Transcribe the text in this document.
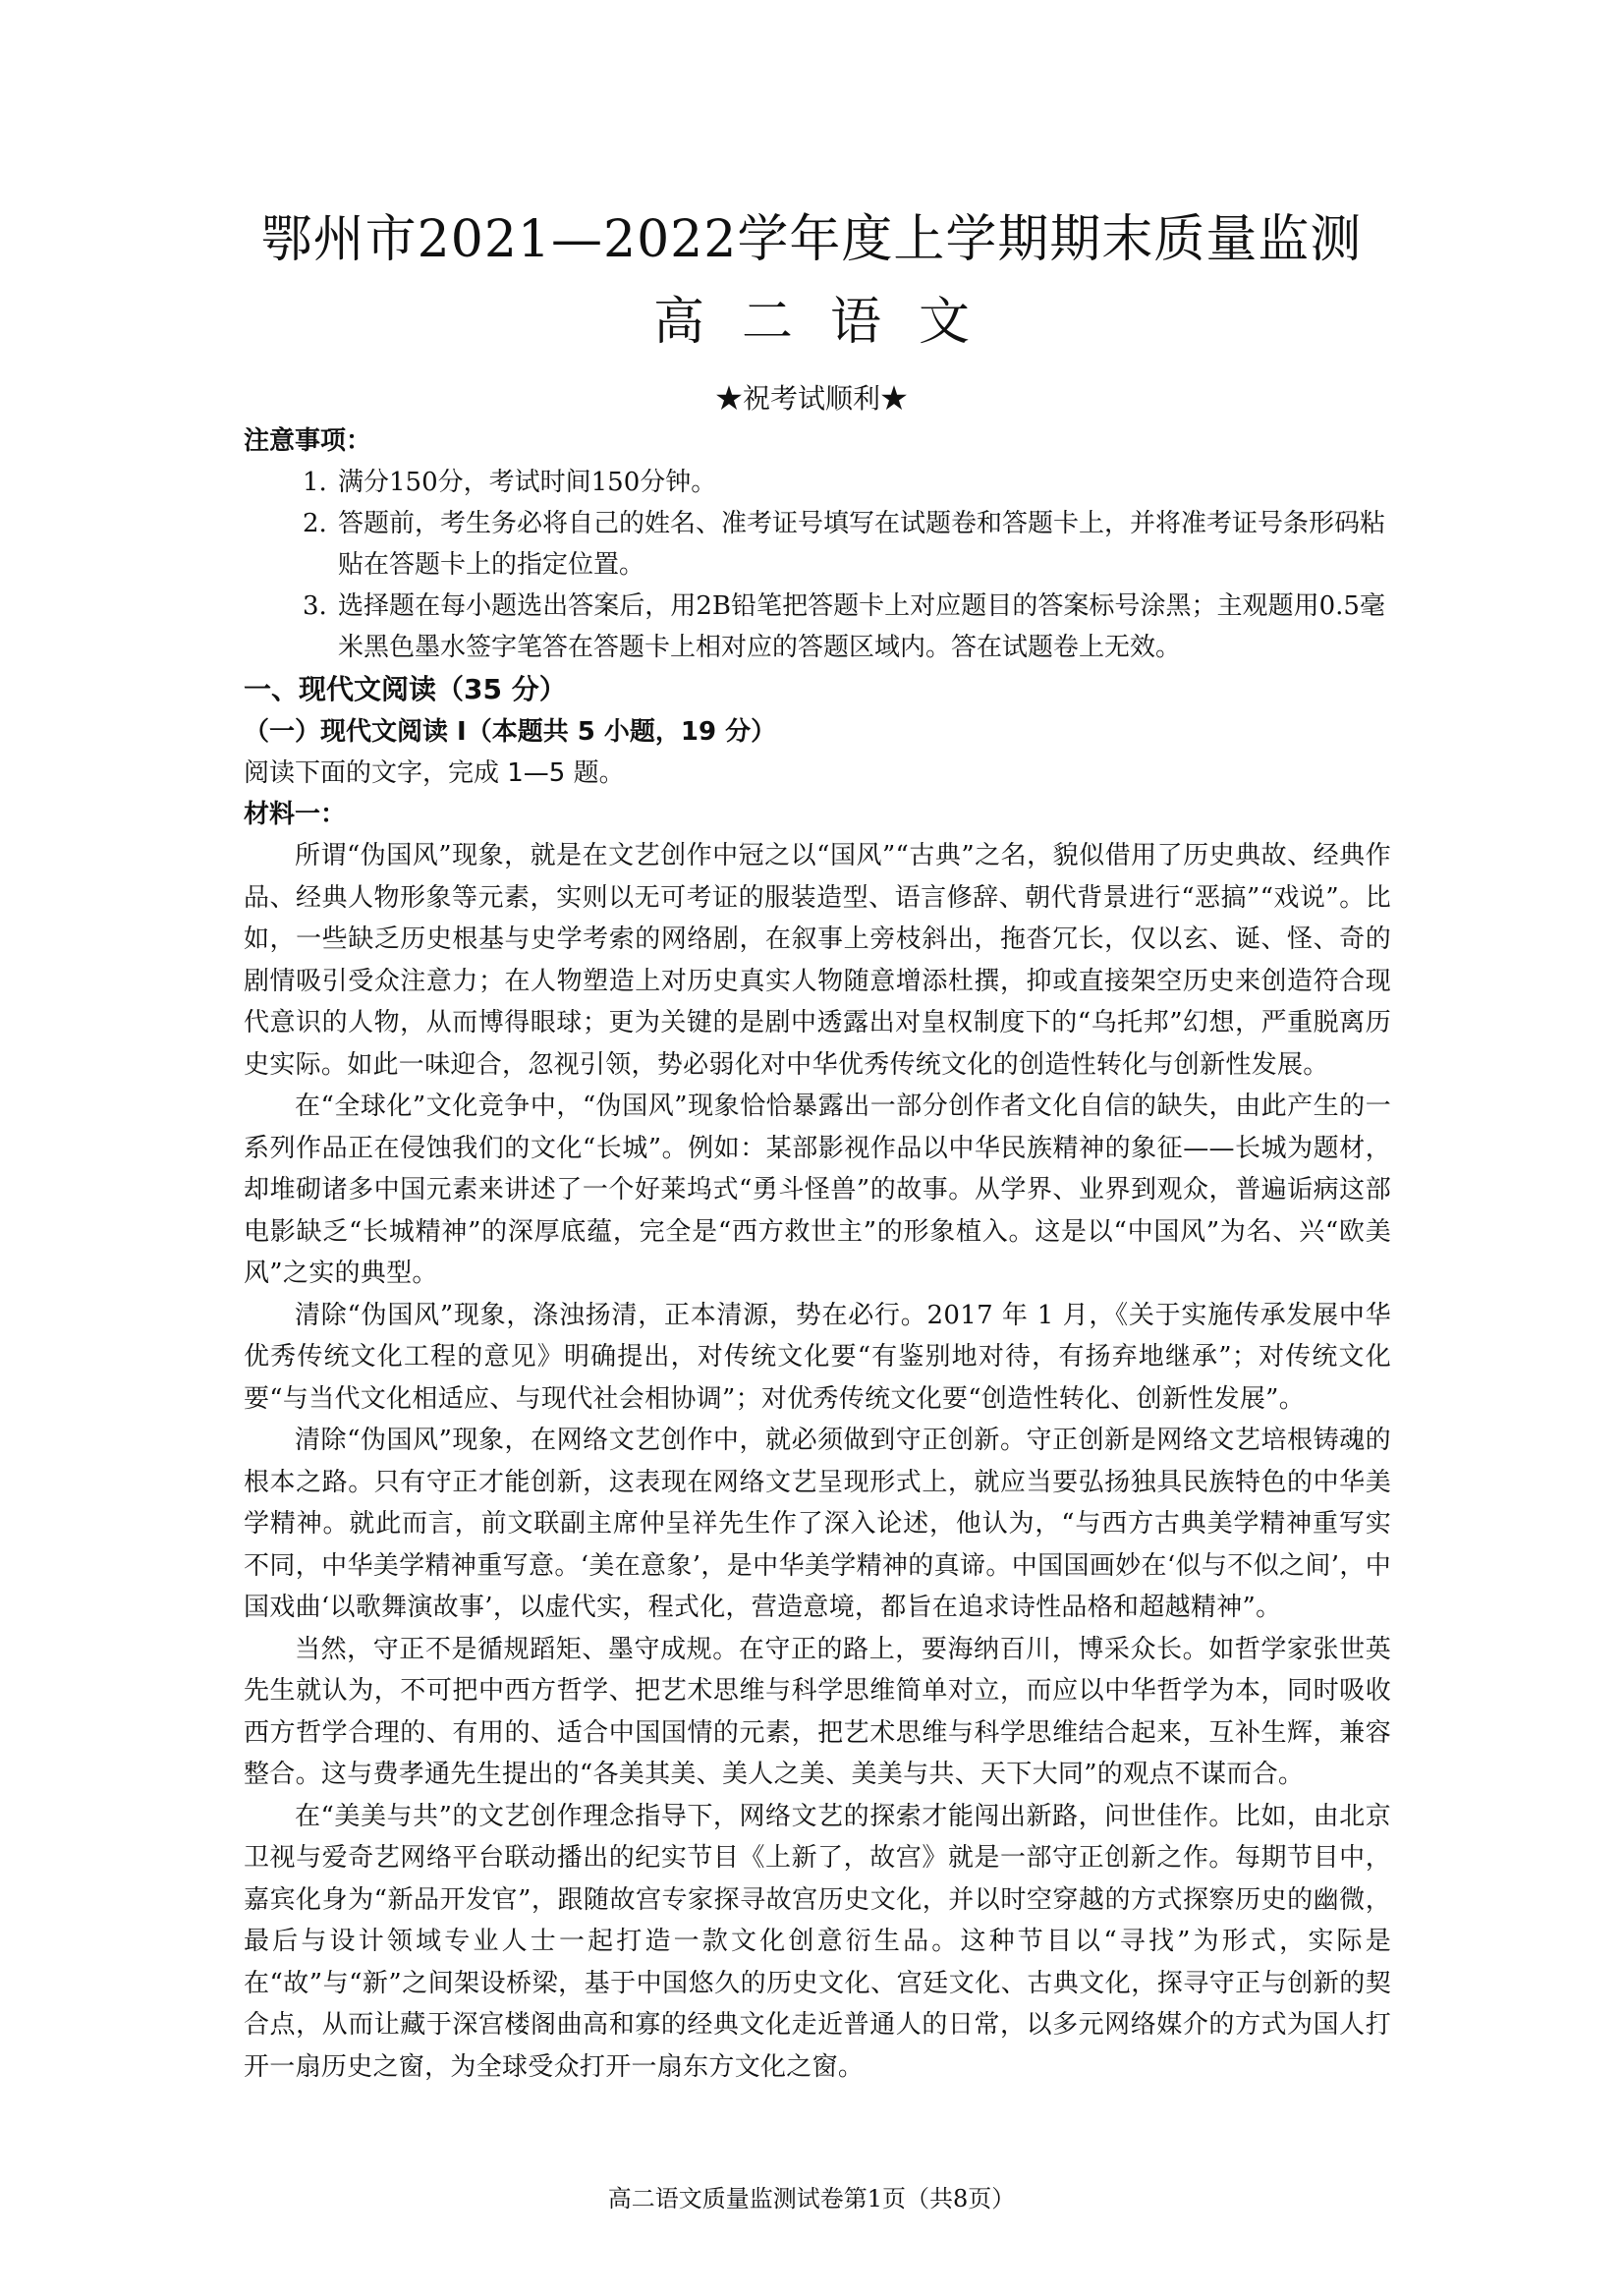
鄂州市2021—2022学年度上学期期末质量监测
高二语文
★祝考试顺利★

注意事项：

1. 满分150分，考试时间150分钟。
2. 答题前，考生务必将自己的姓名、准考证号填写在试题卷和答题卡上，并将准考证号条形码粘贴在答题卡上的指定位置。
3. 选择题在每小题选出答案后，用2B铅笔把答题卡上对应题目的答案标号涂黑；主观题用0.5毫米黑色墨水签字笔答在答题卡上相对应的答题区域内。答在试题卷上无效。

一、现代文阅读（35 分）

（一）现代文阅读 I（本题共 5 小题，19 分）

阅读下面的文字，完成 1—5 题。

材料一：

所谓“伪国风”现象，就是在文艺创作中冠之以“国风”“古典”之名，貌似借用了历史典故、经典作品、经典人物形象等元素，实则以无可考证的服装造型、语言修辞、朝代背景进行“恶搞”“戏说”。比如，一些缺乏历史根基与史学考索的网络剧，在叙事上旁枝斜出，拖沓冗长，仅以玄、诞、怪、奇的剧情吸引受众注意力；在人物塑造上对历史真实人物随意增添杜撰，抑或直接架空历史来创造符合现代意识的人物，从而博得眼球；更为关键的是剧中透露出对皇权制度下的“乌托邦”幻想，严重脱离历史实际。如此一味迎合，忽视引领，势必弱化对中华优秀传统文化的创造性转化与创新性发展。

在“全球化”文化竞争中，“伪国风”现象恰恰暴露出一部分创作者文化自信的缺失，由此产生的一系列作品正在侵蚀我们的文化“长城”。例如：某部影视作品以中华民族精神的象征——长城为题材，却堆砌诸多中国元素来讲述了一个好莱坞式“勇斗怪兽”的故事。从学界、业界到观众，普遍诟病这部电影缺乏“长城精神”的深厚底蕴，完全是“西方救世主”的形象植入。这是以“中国风”为名、兴“欧美风”之实的典型。

清除“伪国风”现象，涤浊扬清，正本清源，势在必行。2017 年 1 月，《关于实施传承发展中华优秀传统文化工程的意见》明确提出，对传统文化要“有鉴别地对待，有扬弃地继承”；对传统文化要“与当代文化相适应、与现代社会相协调”；对优秀传统文化要“创造性转化、创新性发展”。

清除“伪国风”现象，在网络文艺创作中，就必须做到守正创新。守正创新是网络文艺培根铸魂的根本之路。只有守正才能创新，这表现在网络文艺呈现形式上，就应当要弘扬独具民族特色的中华美学精神。就此而言，前文联副主席仲呈祥先生作了深入论述，他认为，“与西方古典美学精神重写实不同，中华美学精神重写意。‘美在意象’，是中华美学精神的真谛。中国国画妙在‘似与不似之间’，中国戏曲‘以歌舞演故事’，以虚代实，程式化，营造意境，都旨在追求诗性品格和超越精神”。

当然，守正不是循规蹈矩、墨守成规。在守正的路上，要海纳百川，博采众长。如哲学家张世英先生就认为，不可把中西方哲学、把艺术思维与科学思维简单对立，而应以中华哲学为本，同时吸收西方哲学合理的、有用的、适合中国国情的元素，把艺术思维与科学思维结合起来，互补生辉，兼容整合。这与费孝通先生提出的“各美其美、美人之美、美美与共、天下大同”的观点不谋而合。

在“美美与共”的文艺创作理念指导下，网络文艺的探索才能闯出新路，问世佳作。比如，由北京卫视与爱奇艺网络平台联动播出的纪实节目《上新了，故宫》就是一部守正创新之作。每期节目中，嘉宾化身为“新品开发官”，跟随故宫专家探寻故宫历史文化，并以时空穿越的方式探察历史的幽微，最后与设计领域专业人士一起打造一款文化创意衍生品。这种节目以“寻找”为形式，实际是在“故”与“新”之间架设桥梁，基于中国悠久的历史文化、宫廷文化、古典文化，探寻守正与创新的契合点，从而让藏于深宫楼阁曲高和寡的经典文化走近普通人的日常，以多元网络媒介的方式为国人打开一扇历史之窗，为全球受众打开一扇东方文化之窗。

高二语文质量监测试卷第1页（共8页）
